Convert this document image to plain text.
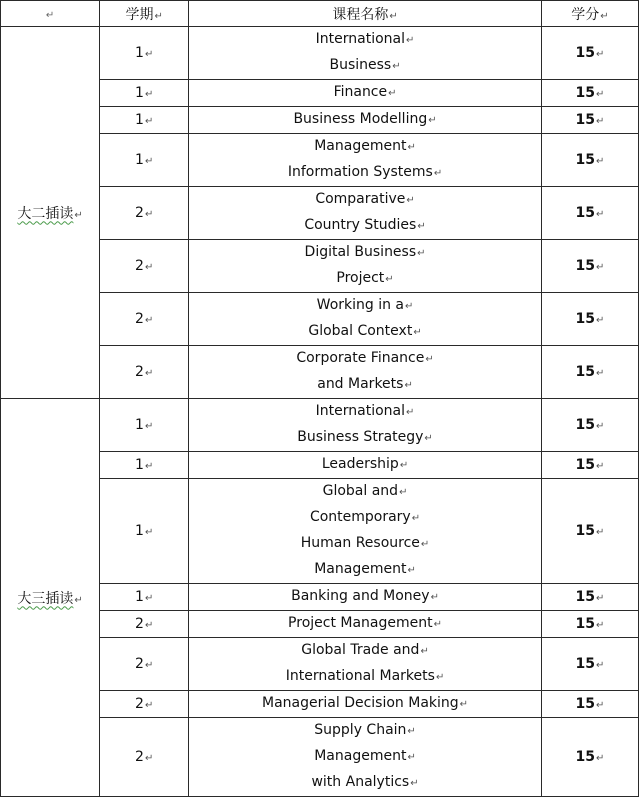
↵	学期↵	课程名称↵	学分↵
大二插读↵	1↵	International↵
Business↵	15↵
	1↵	Finance↵	15↵
	1↵	Business Modelling↵	15↵
	1↵	Management↵
Information Systems↵	15↵
	2↵	Comparative↵
Country Studies↵	15↵
	2↵	Digital Business↵
Project↵	15↵
	2↵	Working in a↵
Global Context↵	15↵
	2↵	Corporate Finance↵
and Markets↵	15↵
大三插读↵	1↵	International↵
Business Strategy↵	15↵
	1↵	Leadership↵	15↵
	1↵	Global and↵
Contemporary↵
Human Resource↵
Management↵	15↵
	1↵	Banking and Money↵	15↵
	2↵	Project Management↵	15↵
	2↵	Global Trade and↵
International Markets↵	15↵
	2↵	Managerial Decision Making↵	15↵
	2↵	Supply Chain↵
Management↵
with Analytics↵	15↵
